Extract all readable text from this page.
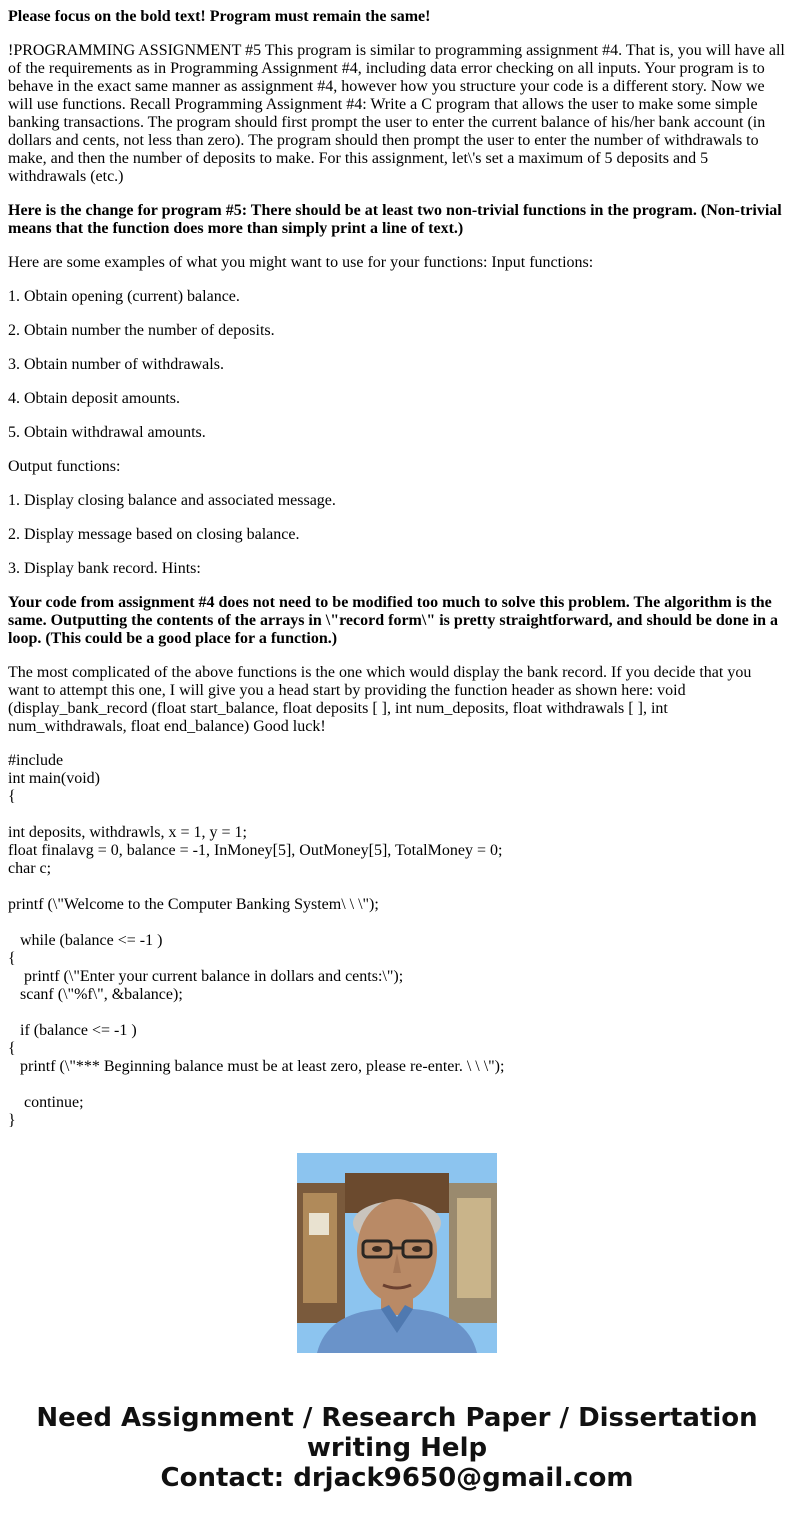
Please focus on the bold text! Program must remain the same!

!PROGRAMMING ASSIGNMENT #5 This program is similar to programming assignment #4. That is, you will have all of the requirements as in Programming Assignment #4, including data error checking on all inputs. Your program is to behave in the exact same manner as assignment #4, however how you structure your code is a different story. Now we will use functions. Recall Programming Assignment #4: Write a C program that allows the user to make some simple banking transactions. The program should first prompt the user to enter the current balance of his/her bank account (in dollars and cents, not less than zero). The program should then prompt the user to enter the number of withdrawals to make, and then the number of deposits to make. For this assignment, let\'s set a maximum of 5 deposits and 5 withdrawals (etc.)

Here is the change for program #5: There should be at least two non-trivial functions in the program. (Non-trivial means that the function does more than simply print a line of text.)

Here are some examples of what you might want to use for your functions: Input functions:

1. Obtain opening (current) balance.

2. Obtain number the number of deposits.

3. Obtain number of withdrawals.

4. Obtain deposit amounts.

5. Obtain withdrawal amounts.

Output functions:

1. Display closing balance and associated message.

2. Display message based on closing balance.

3. Display bank record. Hints:

Your code from assignment #4 does not need to be modified too much to solve this problem. The algorithm is the same. Outputting the contents of the arrays in \"record form\" is pretty straightforward, and should be done in a loop. (This could be a good place for a function.)

The most complicated of the above functions is the one which would display the bank record. If you decide that you want to attempt this one, I will give you a head start by providing the function header as shown here: void (display_bank_record (float start_balance, float deposits [ ], int num_deposits, float withdrawals [ ], int num_withdrawals, float end_balance) Good luck!

#include
int main(void)
{
int deposits, withdrawls, x = 1, y = 1;
float finalavg = 0, balance = -1, InMoney[5], OutMoney[5], TotalMoney = 0;
char c;
printf (\"Welcome to the Computer Banking System\ \ \");
while (balance <= -1 )
{
printf (\"Enter your current balance in dollars and cents:\");
scanf (\"%f\", &balance);
if (balance <= -1 )
{
printf (\"*** Beginning balance must be at least zero, please re-enter. \ \ \");
continue;
}
Need Assignment / Research Paper / Dissertation
writing Help
Contact: drjack9650@gmail.com
